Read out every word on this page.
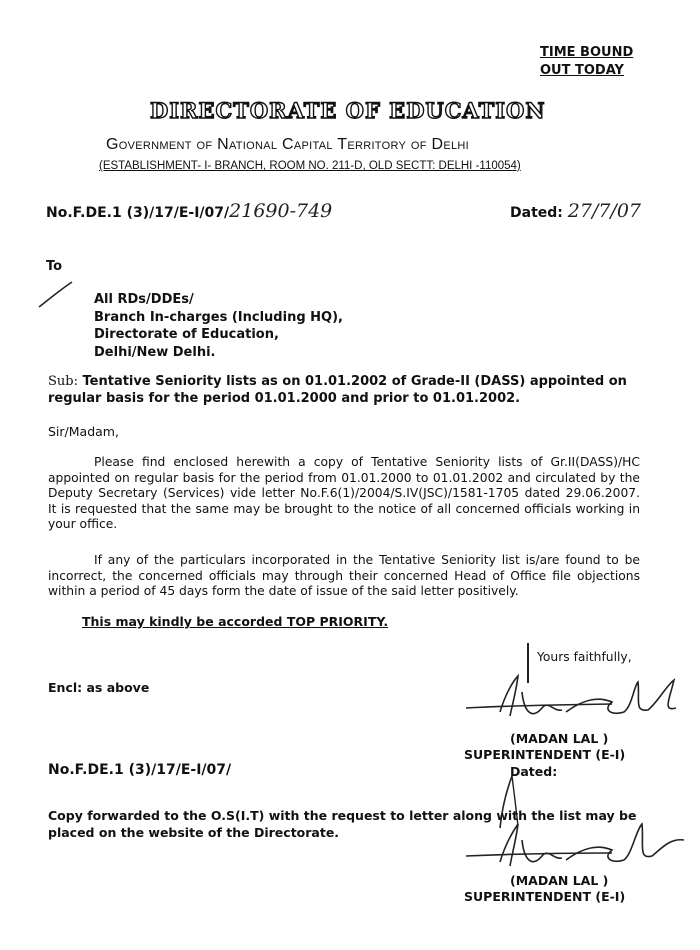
TIME BOUND
OUT TODAY
DIRECTORATE OF EDUCATION
Government of National Capital Territory of Delhi
(ESTABLISHMENT- I- BRANCH, ROOM NO. 211-D, OLD SECTT: DELHI -110054)
No.F.DE.1 (3)/17/E-I/07/21690-749	Dated: 27/7/07
To
All RDs/DDEs/
Branch In-charges (Including HQ),
Directorate of Education,
Delhi/New Delhi.
Sub: Tentative Seniority lists as on 01.01.2002 of Grade-II (DASS) appointed on regular basis for the period 01.01.2000 and prior to 01.01.2002.
Sir/Madam,
Please find enclosed herewith a copy of Tentative Seniority lists of Gr.II(DASS)/HC appointed on regular basis for the period from 01.01.2000 to 01.01.2002 and circulated by the Deputy Secretary (Services) vide letter No.F.6(1)/2004/S.IV(JSC)/1581-1705 dated 29.06.2007. It is requested that the same may be brought to the notice of all concerned officials working in your office.
If any of the particulars incorporated in the Tentative Seniority list is/are found to be incorrect, the concerned officials may through their concerned Head of Office file objections within a period of 45 days form the date of issue of the said letter positively.
This may kindly be accorded TOP PRIORITY.
Yours faithfully,
Encl: as above
(MADAN LAL )
SUPERINTENDENT (E-I)
No.F.DE.1 (3)/17/E-I/07/	Dated:
Copy forwarded to the O.S(I.T) with the request to letter along with the list may be placed on the website of the Directorate.
(MADAN LAL )
SUPERINTENDENT (E-I)
